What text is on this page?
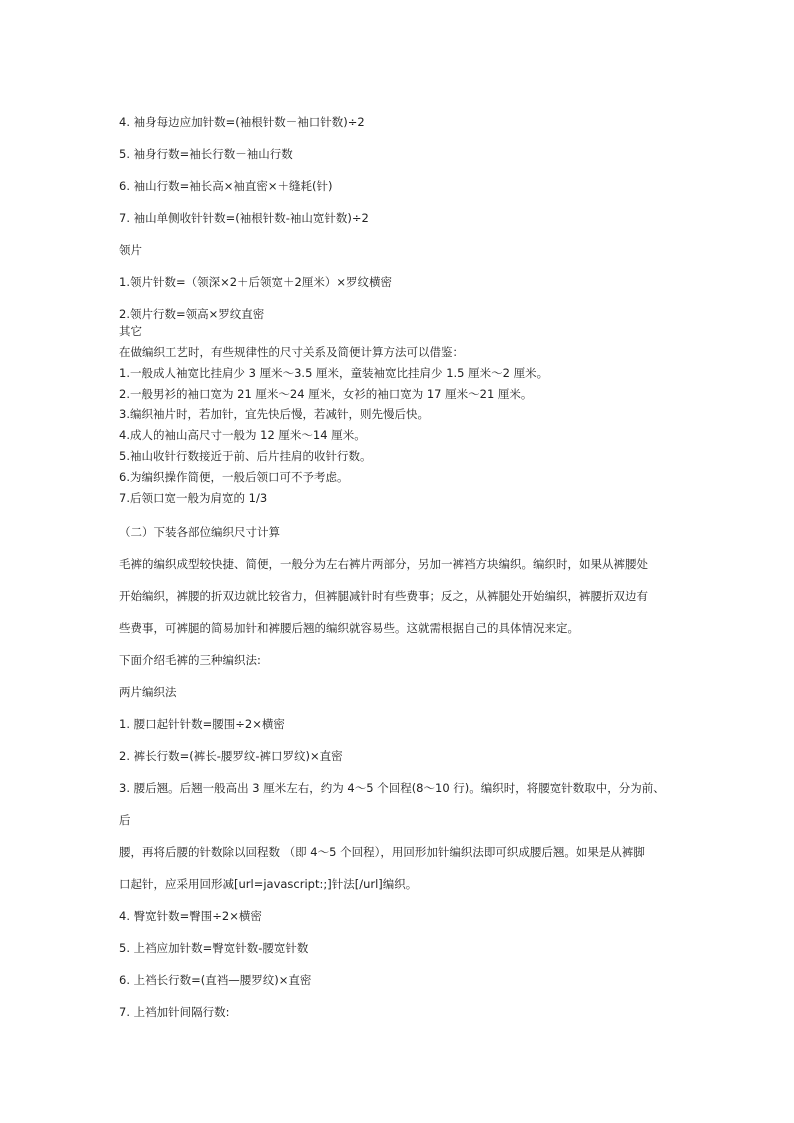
4. 袖身每边应加针数=(袖根针数－袖口针数)÷2
5. 袖身行数=袖长行数－袖山行数
6. 袖山行数=袖长高×袖直密×＋缝耗(针)
7. 袖山单侧收针针数=(袖根针数-袖山宽针数)÷2
领片
1.领片针数=（领深×2＋后领宽＋2厘米）×罗纹横密
2.领片行数=领高×罗纹直密
其它
在做编织工艺时，有些规律性的尺寸关系及简便计算方法可以借鉴：
1.一般成人袖宽比挂肩少 3 厘米～3.5 厘米，童装袖宽比挂肩少 1.5 厘米～2 厘米。
2.一般男衫的袖口宽为 21 厘米～24 厘米，女衫的袖口宽为 17 厘米～21 厘米。
3.编织袖片时，若加针，宜先快后慢，若减针，则先慢后快。
4.成人的袖山高尺寸一般为 12 厘米～14 厘米。
5.袖山收针行数接近于前、后片挂肩的收针行数。
6.为编织操作简便，一般后领口可不予考虑。
7.后领口宽一般为肩宽的 1/3
（二）下装各部位编织尺寸计算
毛裤的编织成型较快捷、简便，一般分为左右裤片两部分，另加一裤裆方块编织。编织时，如果从裤腰处
开始编织，裤腰的折双边就比较省力，但裤腿减针时有些费事；反之，从裤腿处开始编织，裤腰折双边有
些费事，可裤腿的简易加针和裤腰后翘的编织就容易些。这就需根据自己的具体情况来定。
下面介绍毛裤的三种编织法:
两片编织法
1. 腰口起针针数=腰围÷2×横密
2. 裤长行数=(裤长-腰罗纹-裤口罗纹)×直密
3. 腰后翘。后翘一般高出 3 厘米左右，约为 4～5 个回程(8～10 行)。编织时，将腰宽针数取中，分为前、
后
腰，再将后腰的针数除以回程数 （即 4～5 个回程），用回形加针编织法即可织成腰后翘。如果是从裤脚
口起针，应采用回形减[url=javascript:;]针法[/url]编织。
4. 臀宽针数=臀围÷2×横密
5. 上裆应加针数=臀宽针数-腰宽针数
6. 上裆长行数=(直裆—腰罗纹)×直密
7. 上裆加针间隔行数:
